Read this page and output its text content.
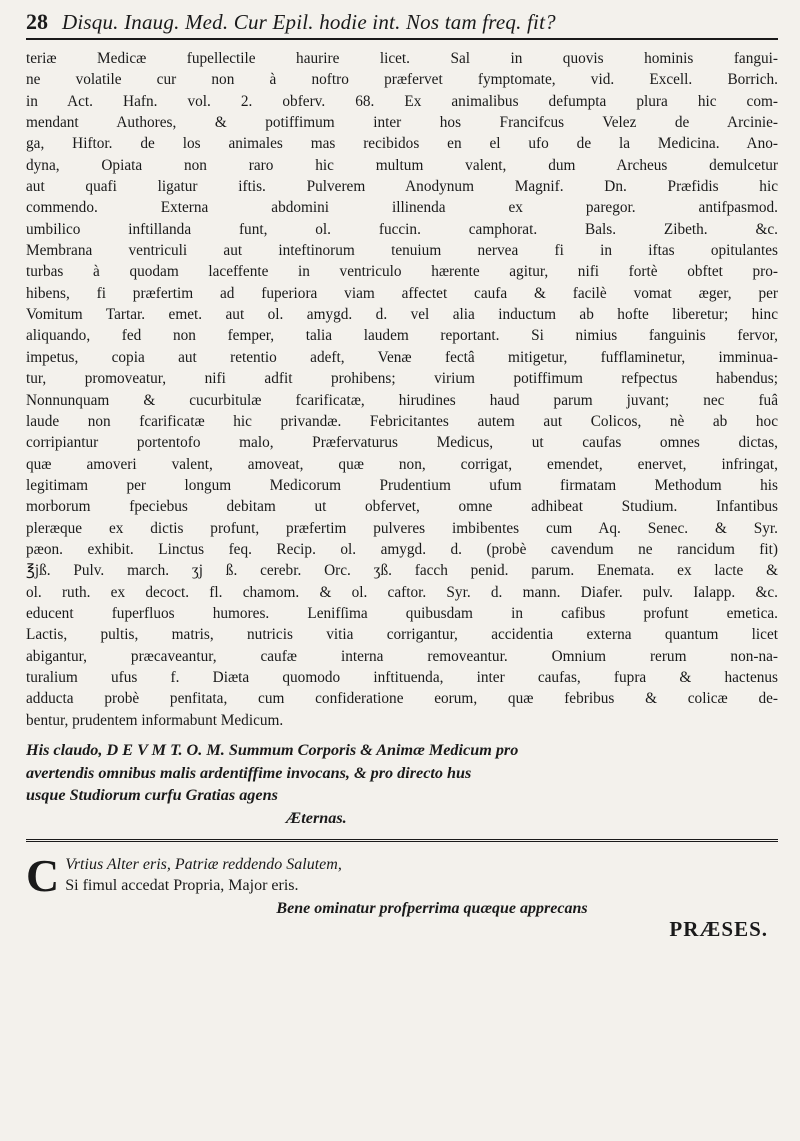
28 Disqu. Inaug. Med. Cur Epil. hodie int. Nos tam freq. fit?

teriæ Medicæ fupellectile haurire licet. Sal in quovis hominis fangui-

ne volatile cur non à noftro præfervet fymptomate, vid. Excell. Borrich.

in Act. Hafn. vol. 2. obferv. 68. Ex animalibus defumpta plura hic com-

mendant Authores, & potiffimum inter hos Francifcus Velez de Arcinie-

ga, Hiftor. de los animales mas recibidos en el ufo de la Medicina. Ano-

dyna, Opiata non raro hic multum valent, dum Archeus demulcetur

aut quafi ligatur iftis. Pulverem Anodynum Magnif. Dn. Præfidis hic

commendo. Externa abdomini illinenda ex paregor. antifpasmod.

umbilico inftillanda funt, ol. fuccin. camphorat. Bals. Zibeth. &c.

Membrana ventriculi aut inteftinorum tenuium nervea fi in iftas opitulantes

turbas à quodam laceffente in ventriculo hærente agitur, nifi fortè obftet pro-

hibens, fi præfertim ad fuperiora viam affectet caufa & facilè vomat æger, per

Vomitum Tartar. emet. aut ol. amygd. d. vel alia inductum ab hofte liberetur; hinc

aliquando, fed non femper, talia laudem reportant. Si nimius fanguinis fervor,

impetus, copia aut retentio adeft, Venæ fectâ mitigetur, fufflaminetur, imminua-

tur, promoveatur, nifi adfit prohibens; virium potiffimum refpectus habendus;

Nonnunquam & cucurbitulæ fcarificatæ, hirudines haud parum juvant; nec fuâ

laude non fcarificatæ hic privandæ. Febricitantes autem aut Colicos, nè ab hoc

corripiantur portentofo malo, Præfervaturus Medicus, ut caufas omnes dictas,

quæ amoveri valent, amoveat, quæ non, corrigat, emendet, enervet, infringat,

legitimam per longum Medicorum Prudentium ufum firmatam Methodum his

morborum fpeciebus debitam ut obfervet, omne adhibeat Studium. Infantibus

pleræque ex dictis profunt, præfertim pulveres imbibentes cum Aq. Senec. & Syr.

pæon. exhibit. Linctus feq. Recip. ol. amygd. d. (probè cavendum ne rancidum fit)

℥jß. Pulv. march. ʒj ß. cerebr. Orc. ʒß. facch penid. parum. Enemata. ex lacte &

ol. ruth. ex decoct. fl. chamom. & ol. caftor. Syr. d. mann. Diafer. pulv. Ialapp. &c.

educent fuperfluos humores. Lenifſima quibusdam in cafibus profunt emetica.

Lactis, pultis, matris, nutricis vitia corrigantur, accidentia externa quantum licet

abigantur, præcaveantur, caufæ interna removeantur. Omnium rerum non-na-

turalium ufus f. Diæta quomodo inftituenda, inter caufas, fupra & hactenus

adducta probè penfitata, cum confideratione eorum, quæ febribus & colicæ de-

bentur, prudentem informabunt Medicum.

His claudo, D E V M T. O. M. Summum Corporis & Animæ Medicum pro
avertendis omnibus malis ardentiffime invocans, & pro directo hus
usque Studiorum curfu Gratias agens
Æternas.
C Vrtius Alter eris, Patriæ reddendo Salutem,
Si fimul accedat Propria, Major eris.
Bene ominatur profperrima quæque apprecans
PRÆSES.
